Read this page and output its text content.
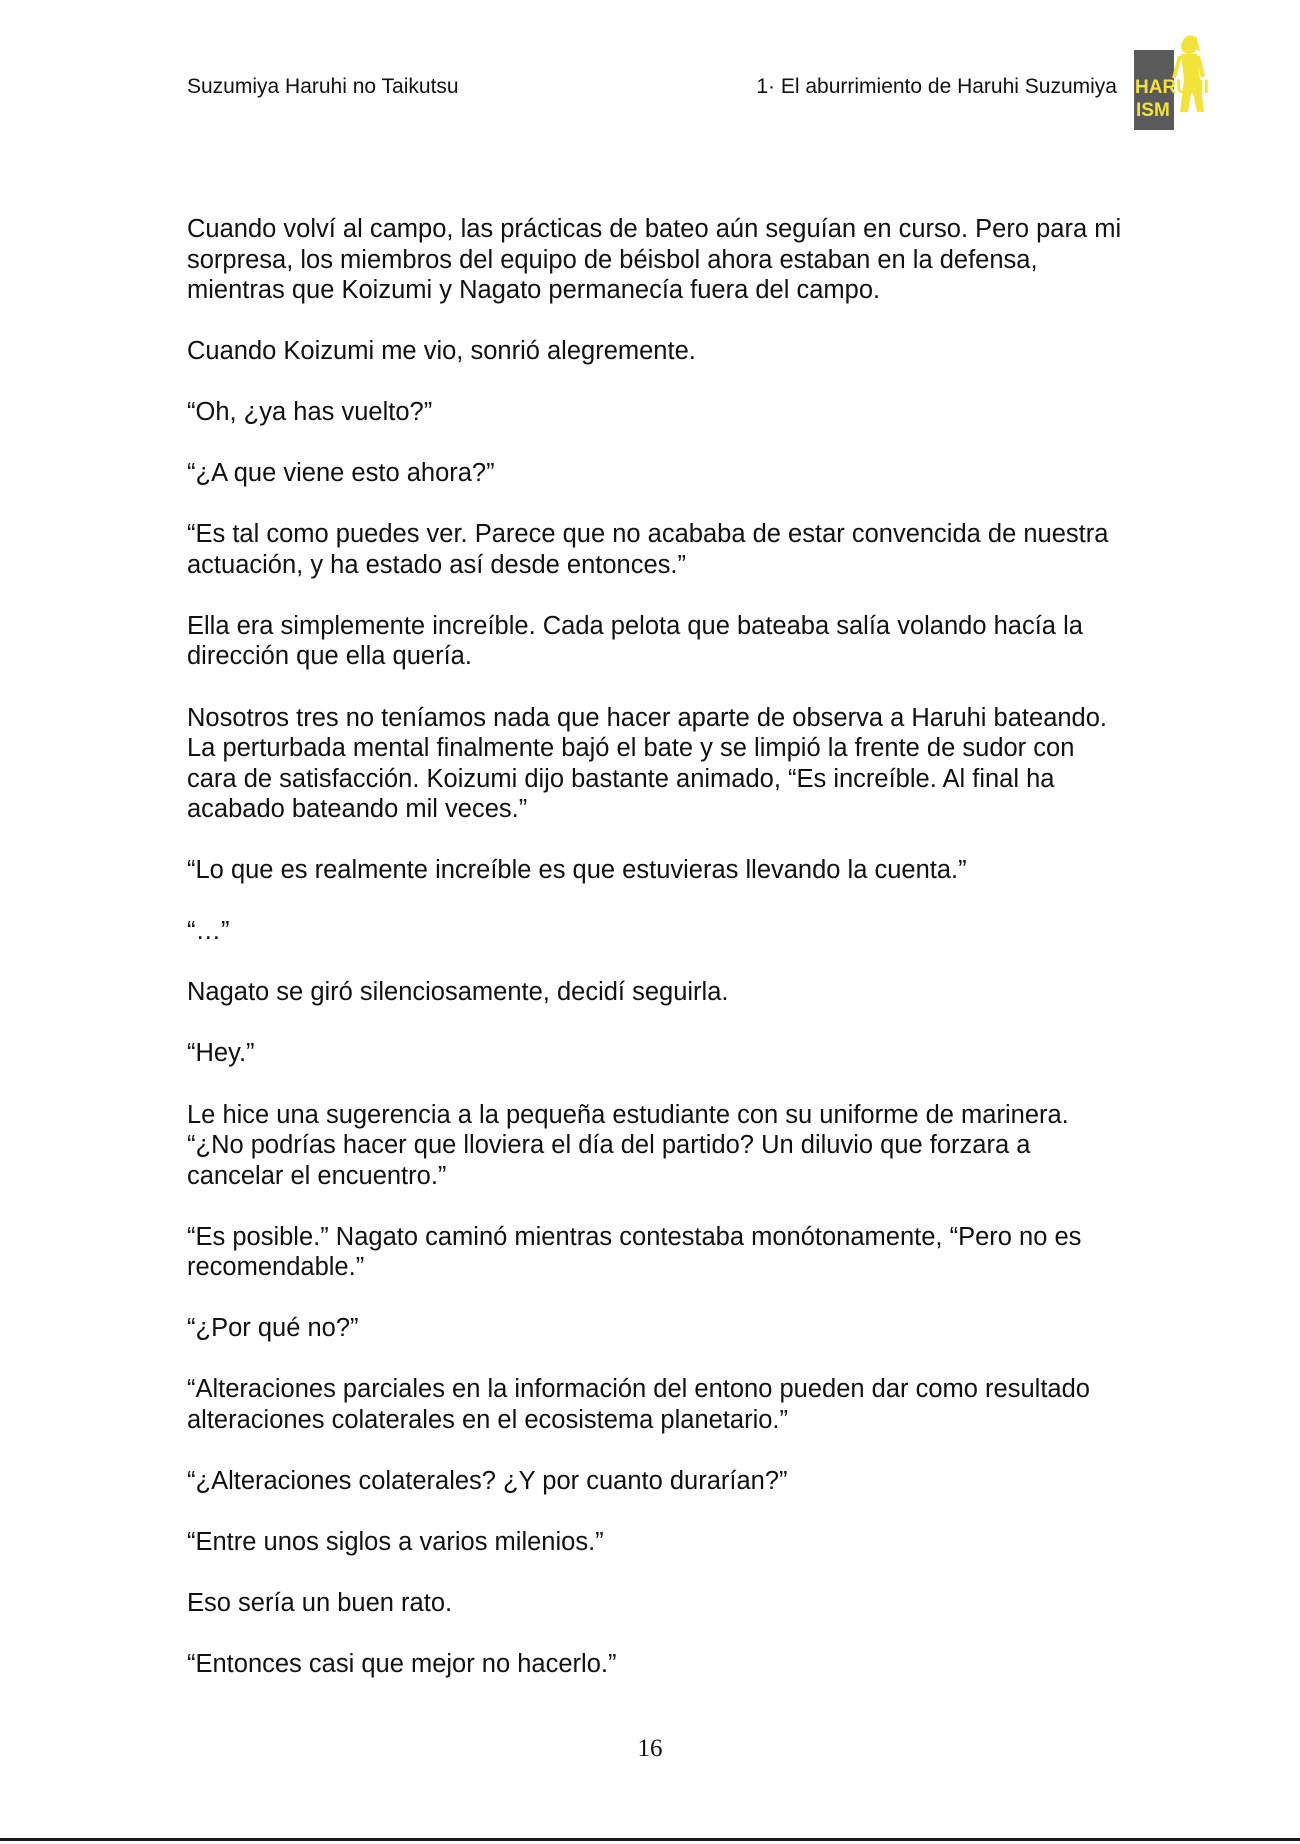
Suzumiya Haruhi no Taikutsu	1· El aburrimiento de Haruhi Suzumiya HARUHI
ISM

Cuando volví al campo, las prácticas de bateo aún seguían en curso. Pero para mi sorpresa, los miembros del equipo de béisbol ahora estaban en la defensa, mientras que Koizumi y Nagato permanecía fuera del campo.

Cuando Koizumi me vio, sonrió alegremente.

“Oh, ¿ya has vuelto?”

“¿A que viene esto ahora?”

“Es tal como puedes ver. Parece que no acababa de estar convencida de nuestra actuación, y ha estado así desde entonces.”

Ella era simplemente increíble. Cada pelota que bateaba salía volando hacía la dirección que ella quería.

Nosotros tres no teníamos nada que hacer aparte de observa a Haruhi bateando. La perturbada mental finalmente bajó el bate y se limpió la frente de sudor con cara de satisfacción. Koizumi dijo bastante animado, “Es increíble. Al final ha acabado bateando mil veces.”

“Lo que es realmente increíble es que estuvieras llevando la cuenta.”

“…”

Nagato se giró silenciosamente, decidí seguirla.

“Hey.”

Le hice una sugerencia a la pequeña estudiante con su uniforme de marinera. “¿No podrías hacer que lloviera el día del partido? Un diluvio que forzara a cancelar el encuentro.”

“Es posible.” Nagato caminó mientras contestaba monótonamente, “Pero no es recomendable.”

“¿Por qué no?”

“Alteraciones parciales en la información del entono pueden dar como resultado alteraciones colaterales en el ecosistema planetario.”

“¿Alteraciones colaterales? ¿Y por cuanto durarían?”

“Entre unos siglos a varios milenios.”

Eso sería un buen rato.

“Entonces casi que mejor no hacerlo.”

16
